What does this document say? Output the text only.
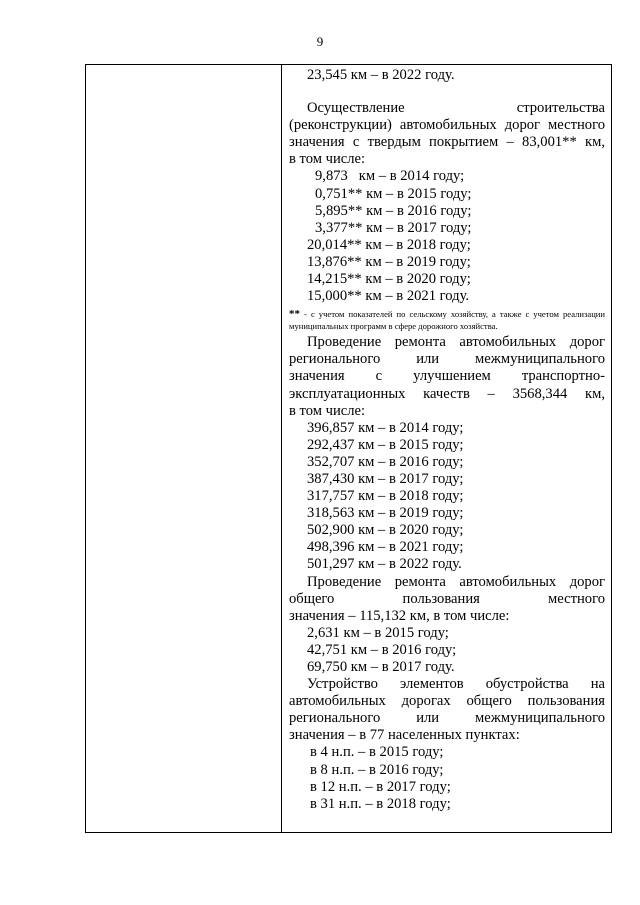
9
23,545 км – в 2022 году.
Осуществление строительства
(реконструкции) автомобильных дорог местного
значения с твердым покрытием – 83,001** км,
в том числе:
9,873   км – в 2014 году;
0,751** км – в 2015 году;
5,895** км – в 2016 году;
3,377** км – в 2017 году;
20,014** км – в 2018 году;
13,876** км – в 2019 году;
14,215** км – в 2020 году;
15,000** км – в 2021 году.
** - с учетом показателей по сельскому хозяйству, а также с учетом реализации муниципальных программ в сфере дорожного хозяйства.
Проведение ремонта автомобильных дорог
регионального или межмуниципального
значения с улучшением транспортно-
эксплуатационных качеств – 3568,344 км,
в том числе:
396,857 км – в 2014 году;
292,437 км – в 2015 году;
352,707 км – в 2016 году;
387,430 км – в 2017 году;
317,757 км – в 2018 году;
318,563 км – в 2019 году;
502,900 км – в 2020 году;
498,396 км – в 2021 году;
501,297 км – в 2022 году.
Проведение ремонта автомобильных дорог
общего пользования местного
значения – 115,132 км, в том числе:
2,631 км – в 2015 году;
42,751 км – в 2016 году;
69,750 км – в 2017 году.
Устройство элементов обустройства на
автомобильных дорогах общего пользования
регионального или межмуниципального
значения – в 77 населенных пунктах:
в 4 н.п. – в 2015 году;
в 8 н.п. – в 2016 году;
в 12 н.п. – в 2017 году;
в 31 н.п. – в 2018 году;
